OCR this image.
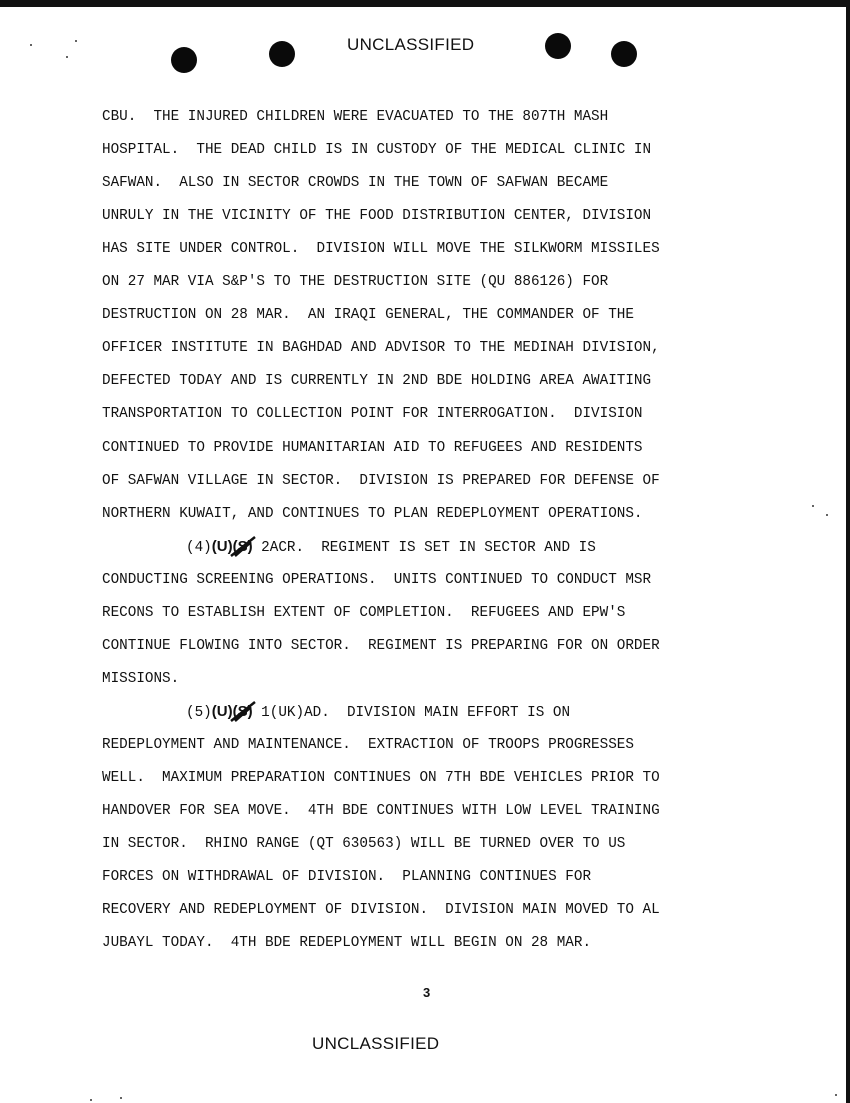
UNCLASSIFIED
CBU.  THE INJURED CHILDREN WERE EVACUATED TO THE 807TH MASH
HOSPITAL.  THE DEAD CHILD IS IN CUSTODY OF THE MEDICAL CLINIC IN
SAFWAN.  ALSO IN SECTOR CROWDS IN THE TOWN OF SAFWAN BECAME
UNRULY IN THE VICINITY OF THE FOOD DISTRIBUTION CENTER, DIVISION
HAS SITE UNDER CONTROL.  DIVISION WILL MOVE THE SILKWORM MISSILES
ON 27 MAR VIA S&P'S TO THE DESTRUCTION SITE (QU 886126) FOR
DESTRUCTION ON 28 MAR.  AN IRAQI GENERAL, THE COMMANDER OF THE
OFFICER INSTITUTE IN BAGHDAD AND ADVISOR TO THE MEDINAH DIVISION,
DEFECTED TODAY AND IS CURRENTLY IN 2ND BDE HOLDING AREA AWAITING
TRANSPORTATION TO COLLECTION POINT FOR INTERROGATION.  DIVISION
CONTINUED TO PROVIDE HUMANITARIAN AID TO REFUGEES AND RESIDENTS
OF SAFWAN VILLAGE IN SECTOR.  DIVISION IS PREPARED FOR DEFENSE OF
NORTHERN KUWAIT, AND CONTINUES TO PLAN REDEPLOYMENT OPERATIONS.
(4)(U)(S) 2ACR.  REGIMENT IS SET IN SECTOR AND IS
CONDUCTING SCREENING OPERATIONS.  UNITS CONTINUED TO CONDUCT MSR
RECONS TO ESTABLISH EXTENT OF COMPLETION.  REFUGEES AND EPW'S
CONTINUE FLOWING INTO SECTOR.  REGIMENT IS PREPARING FOR ON ORDER
MISSIONS.
(5)(U)(S) 1(UK)AD.  DIVISION MAIN EFFORT IS ON
REDEPLOYMENT AND MAINTENANCE.  EXTRACTION OF TROOPS PROGRESSES
WELL.  MAXIMUM PREPARATION CONTINUES ON 7TH BDE VEHICLES PRIOR TO
HANDOVER FOR SEA MOVE.  4TH BDE CONTINUES WITH LOW LEVEL TRAINING
IN SECTOR.  RHINO RANGE (QT 630563) WILL BE TURNED OVER TO US
FORCES ON WITHDRAWAL OF DIVISION.  PLANNING CONTINUES FOR
RECOVERY AND REDEPLOYMENT OF DIVISION.  DIVISION MAIN MOVED TO AL
JUBAYL TODAY.  4TH BDE REDEPLOYMENT WILL BEGIN ON 28 MAR.
3
UNCLASSIFIED
